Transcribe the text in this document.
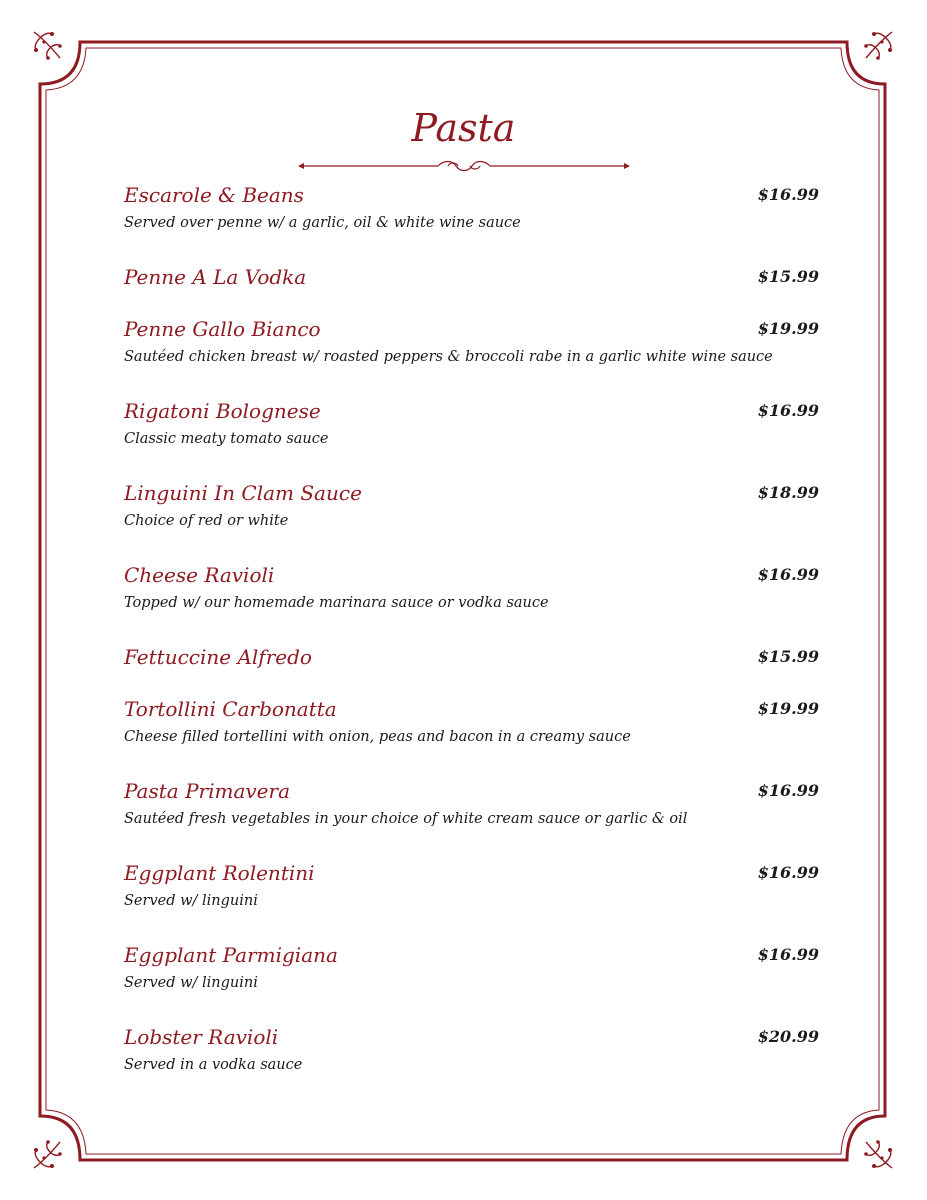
Pasta
Escarole & Beans	$16.99
Served over penne w/ a garlic, oil & white wine sauce
Penne A La Vodka	$15.99
Penne Gallo Bianco	$19.99
Sautéed chicken breast w/ roasted peppers & broccoli rabe in a garlic white wine sauce
Rigatoni Bolognese	$16.99
Classic meaty tomato sauce
Linguini In Clam Sauce	$18.99
Choice of red or white
Cheese Ravioli	$16.99
Topped w/ our homemade marinara sauce or vodka sauce
Fettuccine Alfredo	$15.99
Tortollini Carbonatta	$19.99
Cheese filled tortellini with onion, peas and bacon in a creamy sauce
Pasta Primavera	$16.99
Sautéed fresh vegetables in your choice of white cream sauce or garlic & oil
Eggplant Rolentini	$16.99
Served w/ linguini
Eggplant Parmigiana	$16.99
Served w/ linguini
Lobster Ravioli	$20.99
Served in a vodka sauce
